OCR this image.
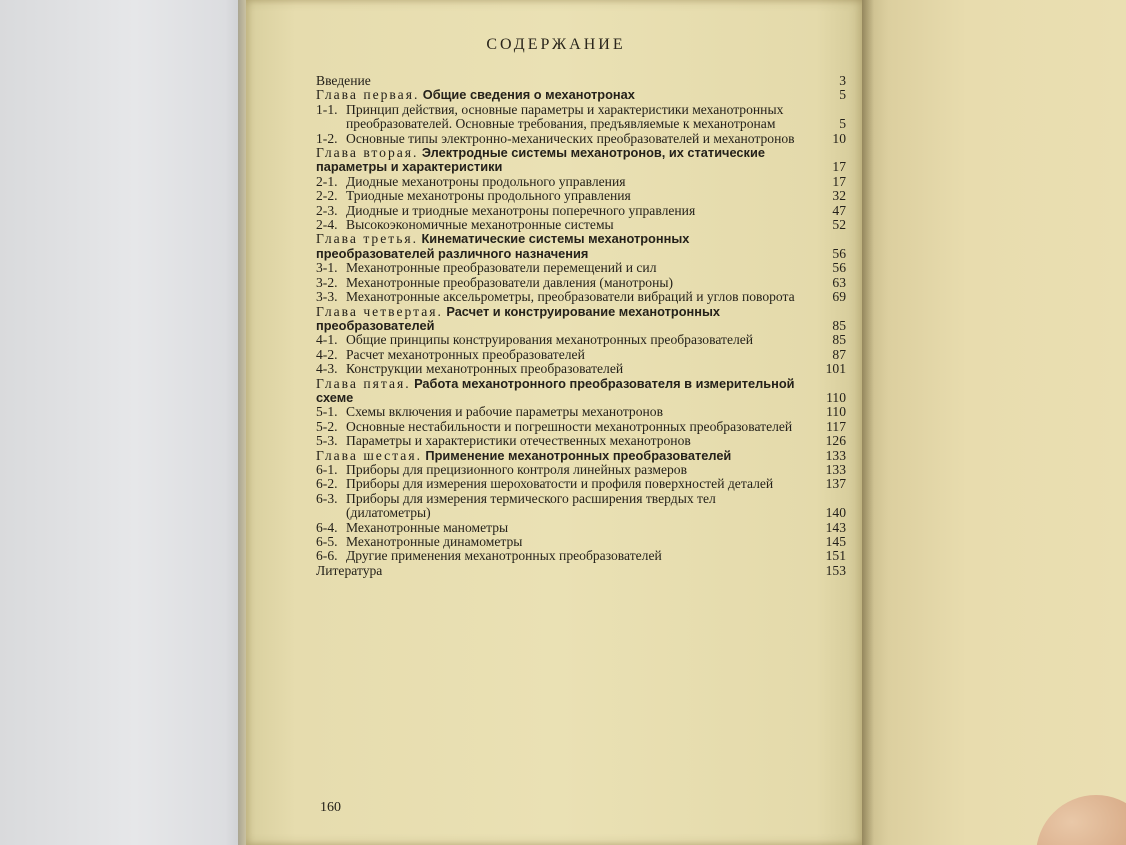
СОДЕРЖАНИЕ
Введение	3
Глава первая. Общие сведения о механотронах	5
1-1. Принцип действия, основные параметры и характеристики механотронных преобразователей. Основные требования, предъявляемые к механотронам	5
1-2. Основные типы электронно-механических преобразователей и механотронов	10
Глава вторая. Электродные системы механотронов, их статические параметры и характеристики	17
2-1. Диодные механотроны продольного управления	17
2-2. Триодные механотроны продольного управления	32
2-3. Диодные и триодные механотроны поперечного управления	47
2-4. Высокоэкономичные механотронные системы	52
Глава третья. Кинематические системы механотронных преобразователей различного назначения	56
3-1. Механотронные преобразователи перемещений и сил	56
3-2. Механотронные преобразователи давления (манотроны)	63
3-3. Механотронные аксельрометры, преобразователи вибраций и углов поворота	69
Глава четвертая. Расчет и конструирование механотронных преобразователей	85
4-1. Общие принципы конструирования механотронных преобразователей	85
4-2. Расчет механотронных преобразователей	87
4-3. Конструкции механотронных преобразователей	101
Глава пятая. Работа механотронного преобразователя в измерительной схеме	110
5-1. Схемы включения и рабочие параметры механотронов	110
5-2. Основные нестабильности и погрешности механотронных преобразователей	117
5-3. Параметры и характеристики отечественных механотронов	126
Глава шестая. Применение механотронных преобразователей	133
6-1. Приборы для прецизионного контроля линейных размеров	133
6-2. Приборы для измерения шероховатости и профиля поверхностей деталей	137
6-3. Приборы для измерения термического расширения твердых тел (дилатометры)	140
6-4. Механотронные манометры	143
6-5. Механотронные динамометры	145
6-6. Другие применения механотронных преобразователей	151
Литература	153
160
